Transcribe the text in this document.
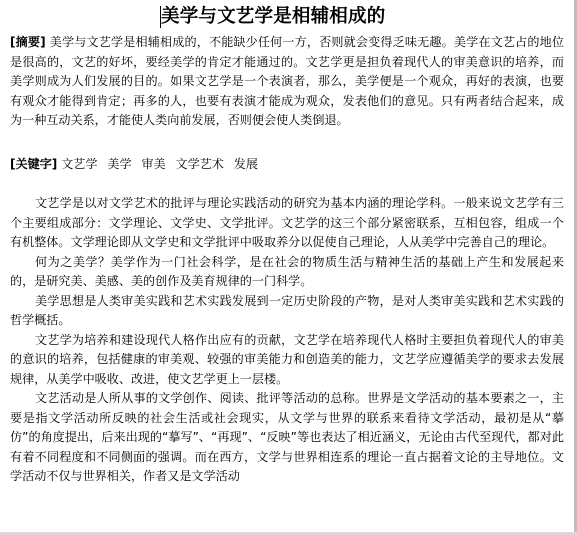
美学与文艺学是相辅相成的
[摘要] 美学与文艺学是相辅相成的，不能缺少任何一方，否则就会变得乏味无趣。美学在文艺占的地位是很高的，文艺的好坏，要经美学的肯定才能通过的。文艺学更是担负着现代人的审美意识的培养，而美学则成为人们发展的目的。如果文艺学是一个表演者，那么，美学便是一个观众，再好的表演，也要有观众才能得到肯定；再多的人，也要有表演才能成为观众，发表他们的意见。只有两者结合起来，成为一种互动关系，才能使人类向前发展，否则便会使人类倒退。
[关键字] 文艺学 美学 审美 文学艺术 发展

文艺学是以对文学艺术的批评与理论实践活动的研究为基本内涵的理论学科。一般来说文艺学有三个主要组成部分：文学理论、文学史、文学批评。文艺学的这三个部分紧密联系，互相包容，组成一个有机整体。文学理论即从文学史和文学批评中吸取养分以促使自己理论，人从美学中完善自己的理论。

何为之美学？美学作为一门社会科学，是在社会的物质生活与精神生活的基础上产生和发展起来的，是研究美、美感、美的创作及美育规律的一门科学。

美学思想是人类审美实践和艺术实践发展到一定历史阶段的产物，是对人类审美实践和艺术实践的哲学概括。

文艺学为培养和建设现代人格作出应有的贡献，文艺学在培养现代人格时主要担负着现代人的审美的意识的培养，包括健康的审美观、较强的审美能力和创造美的能力，文艺学应遵循美学的要求去发展规律，从美学中吸收、改进，使文艺学更上一层楼。

文艺活动是人所从事的文学创作、阅读、批评等活动的总称。世界是文学活动的基本要素之一，主要是指文学活动所反映的社会生活或社会现实，从文学与世界的联系来看待文学活动，最初是从“摹仿”的角度提出，后来出现的“摹写”、“再现”、“反映”等也表达了相近涵义，无论由古代至现代，都对此有着不同程度和不同侧面的强调。而在西方，文学与世界相连系的理论一直占据着文论的主导地位。文学活动不仅与世界相关，作者又是文学活动
